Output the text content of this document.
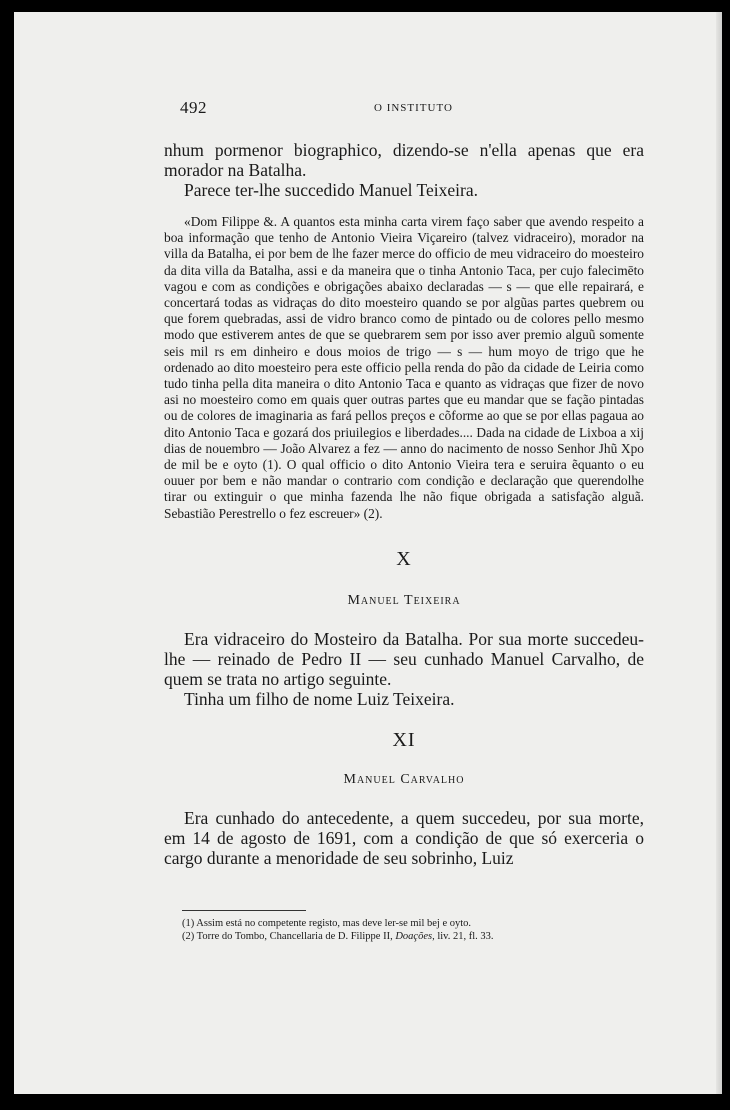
492	O INSTITUTO

nhum pormenor biographico, dizendo-se n'ella apenas que era morador na Batalha.

Parece ter-lhe succedido Manuel Teixeira.

«Dom Filippe &. A quantos esta minha carta virem faço saber que avendo respeito a boa informação que tenho de Antonio Vieira Viçareiro (talvez vidraceiro), morador na villa da Batalha, ei por bem de lhe fazer merce do officio de meu vidraceiro do moesteiro da dita villa da Batalha, assi e da maneira que o tinha Antonio Taca, per cujo falecimēto vagou e com as condições e obrigações abaixo declaradas — s — que elle repairará, e concertará todas as vidraças do dito moesteiro quando se por algũas partes quebrem ou que forem quebradas, assi de vidro branco como de pintado ou de colores pello mesmo modo que estiverem antes de que se quebrarem sem por isso aver premio alguũ somente seis mil rs em dinheiro e dous moios de trigo — s — hum moyo de trigo que he ordenado ao dito moesteiro pera este officio pella renda do pão da cidade de Leiria como tudo tinha pella dita maneira o dito Antonio Taca e quanto as vidraças que fizer de novo asi no moesteiro como em quais quer outras partes que eu mandar que se fação pintadas ou de colores de imaginaria as fará pellos preços e cõforme ao que se por ellas pagaua ao dito Antonio Taca e gozará dos priuilegios e liberdades.... Dada na cidade de Lixboa a xij dias de nouembro — João Alvarez a fez — anno do nacimento de nosso Senhor Jhũ Xpo de mil be e oyto (1). O qual officio o dito Antonio Vieira tera e seruira ẽquanto o eu ouuer por bem e não mandar o contrario com condição e declaração que querendolhe tirar ou extinguir o que minha fazenda lhe não fique obrigada a satisfação alguã. Sebastião Perestrello o fez escreuer» (2).

X
Manuel Teixeira

Era vidraceiro do Mosteiro da Batalha. Por sua morte succedeu-lhe — reinado de Pedro II — seu cunhado Manuel Carvalho, de quem se trata no artigo seguinte.

Tinha um filho de nome Luiz Teixeira.

XI
Manuel Carvalho

Era cunhado do antecedente, a quem succedeu, por sua morte, em 14 de agosto de 1691, com a condição de que só exerceria o cargo durante a menoridade de seu sobrinho, Luiz

(1) Assim está no competente registo, mas deve ler-se mil bej e oyto.
(2) Torre do Tombo, Chancellaria de D. Filippe II, Doações, liv. 21, fl. 33.
